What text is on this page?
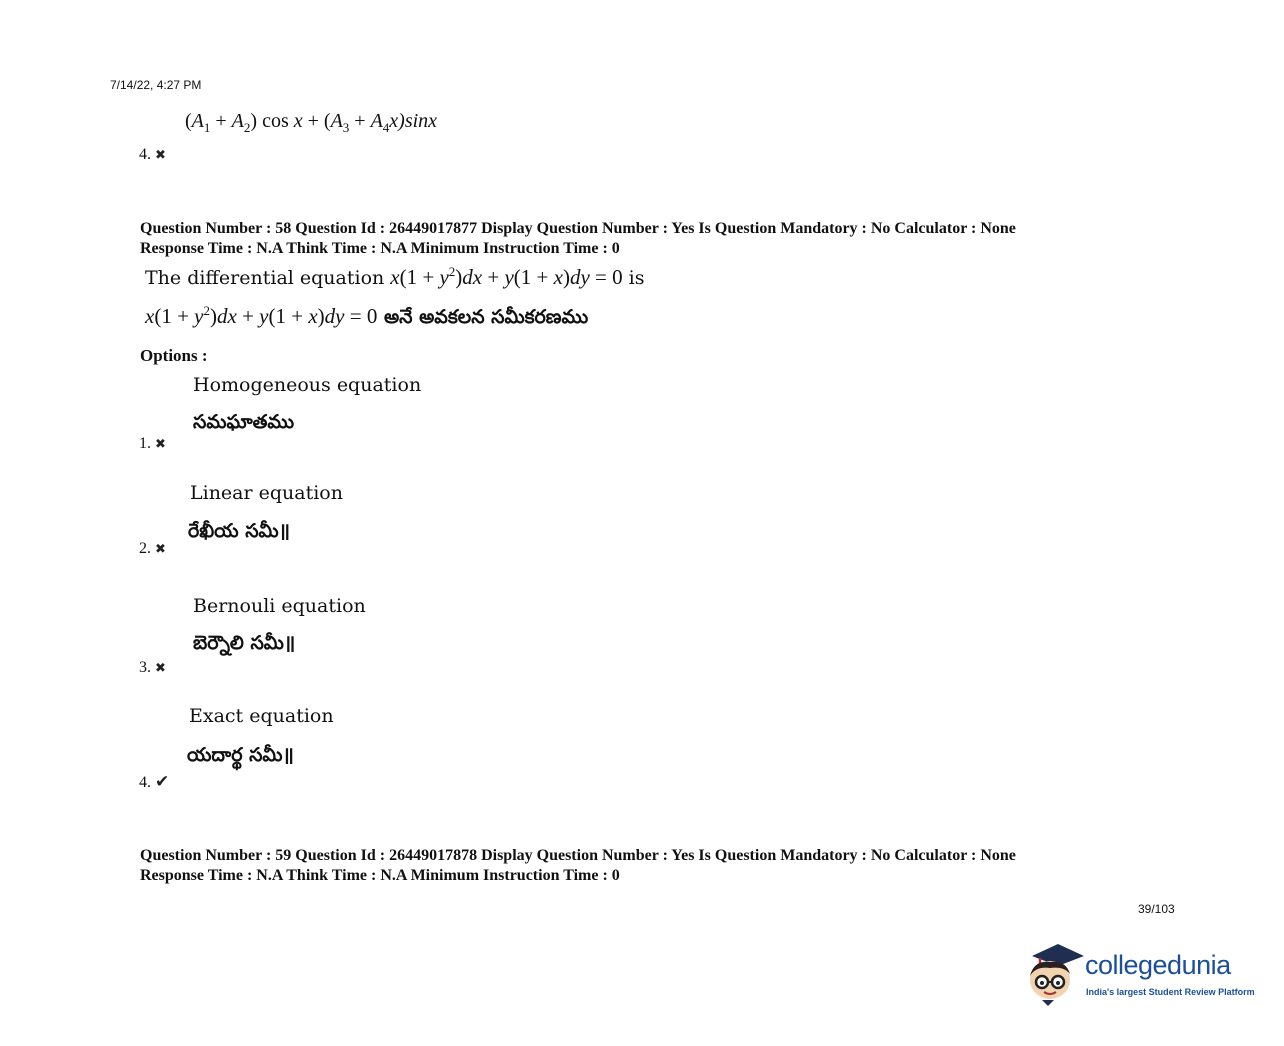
7/14/22, 4:27 PM
$(A_1 + A_2)$ $\cos x + (A_3 + A_4x)\sin x$
4. ✖
Question Number : 58 Question Id : 26449017877 Display Question Number : Yes Is Question Mandatory : No Calculator : None
Response Time : N.A Think Time : N.A Minimum Instruction Time : 0
The differential equation $x(1 + y^2)dx + y(1 + x)dy = 0$ is
$x(1 + y^2)dx + y(1 + x)dy = 0$ అనే అవకలన సమీకరణము
Options :
Homogeneous equation
సమఘాతము
1. ✖
Linear equation
రేఖీయ సమీ॥
2. ✖
Bernouli equation
బెర్నౌలి సమీ॥
3. ✖
Exact equation
యదార్థ సమీ॥
4. ✔
Question Number : 59 Question Id : 26449017878 Display Question Number : Yes Is Question Mandatory : No Calculator : None
Response Time : N.A Think Time : N.A Minimum Instruction Time : 0
39/103
collegedunia
India's largest Student Review Platform
